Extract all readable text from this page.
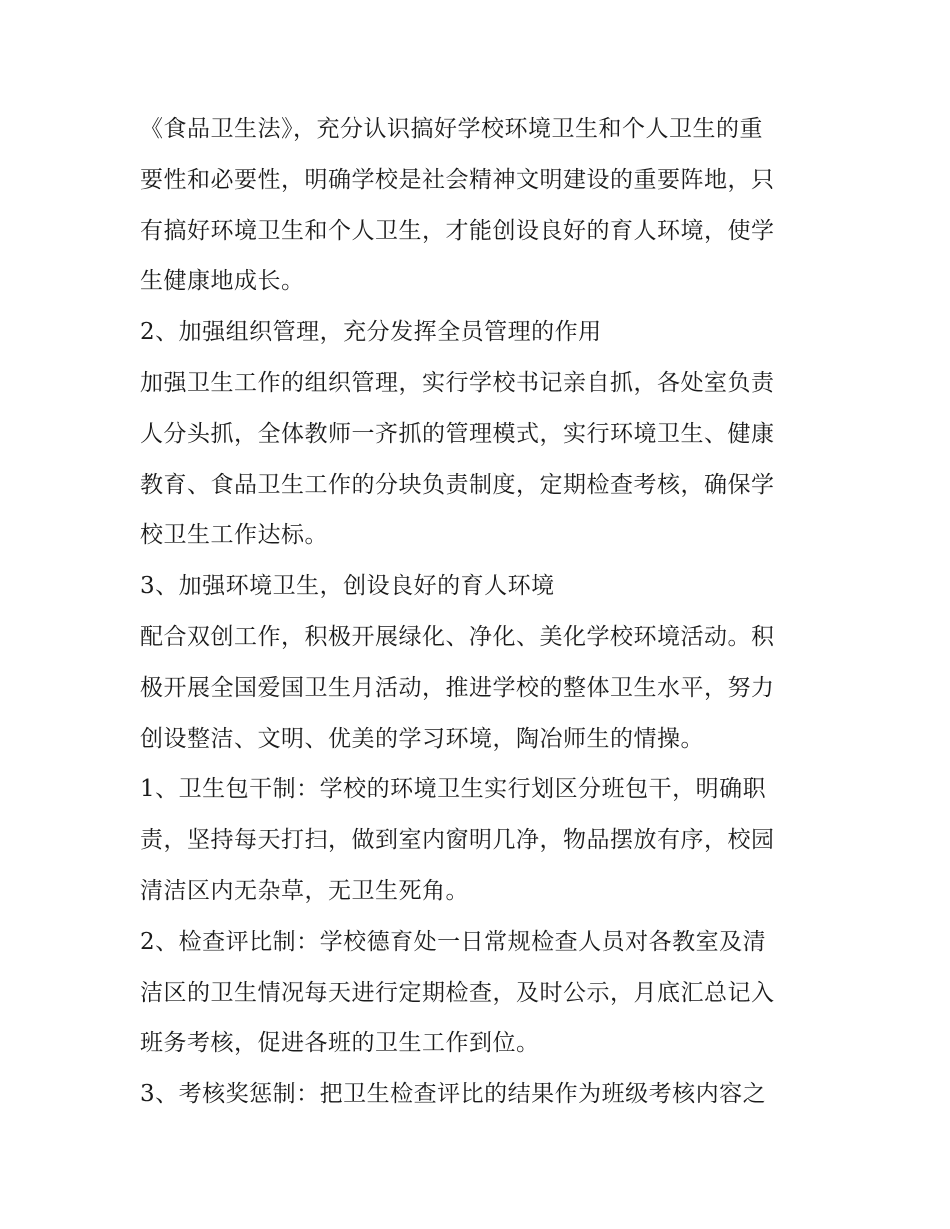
《食品卫生法》，充分认识搞好学校环境卫生和个人卫生的重
要性和必要性，明确学校是社会精神文明建设的重要阵地，只
有搞好环境卫生和个人卫生，才能创设良好的育人环境，使学
生健康地成长。
2、加强组织管理，充分发挥全员管理的作用
加强卫生工作的组织管理，实行学校书记亲自抓，各处室负责
人分头抓，全体教师一齐抓的管理模式，实行环境卫生、健康
教育、食品卫生工作的分块负责制度，定期检查考核，确保学
校卫生工作达标。
3、加强环境卫生，创设良好的育人环境
配合双创工作，积极开展绿化、净化、美化学校环境活动。积
极开展全国爱国卫生月活动，推进学校的整体卫生水平，努力
创设整洁、文明、优美的学习环境，陶冶师生的情操。
1、卫生包干制：学校的环境卫生实行划区分班包干，明确职
责，坚持每天打扫，做到室内窗明几净，物品摆放有序，校园
清洁区内无杂草，无卫生死角。
2、检查评比制：学校德育处一日常规检查人员对各教室及清
洁区的卫生情况每天进行定期检查，及时公示，月底汇总记入
班务考核，促进各班的卫生工作到位。
3、考核奖惩制：把卫生检查评比的结果作为班级考核内容之
